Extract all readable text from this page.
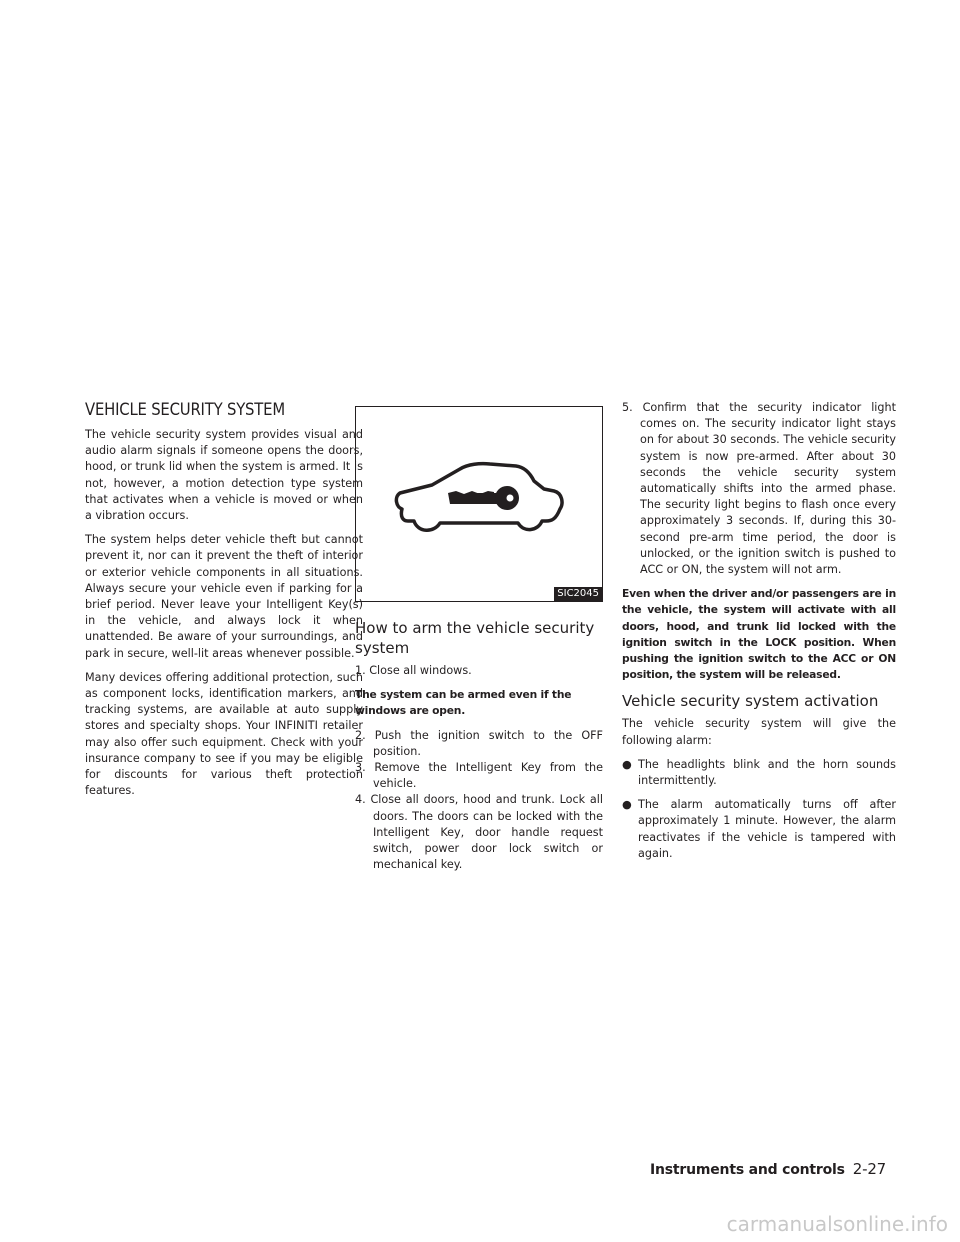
VEHICLE SECURITY SYSTEM

The vehicle security system provides visual and audio alarm signals if someone opens the doors, hood, or trunk lid when the system is armed. It is not, however, a motion detection type system that activates when a vehicle is moved or when a vibration occurs.

The system helps deter vehicle theft but cannot prevent it, nor can it prevent the theft of interior or exterior vehicle components in all situations. Always secure your vehicle even if parking for a brief period. Never leave your Intelligent Key(s) in the vehicle, and always lock it when unattended. Be aware of your surroundings, and park in secure, well-lit areas whenever possible.

Many devices offering additional protection, such as component locks, identification markers, and tracking systems, are available at auto supply stores and specialty shops. Your INFINITI retailer may also offer such equipment. Check with your insurance company to see if you may be eligible for discounts for various theft protection features.

SIC2045
How to arm the vehicle security system
1. Close all windows.

The system can be armed even if the windows are open.

2. Push the ignition switch to the OFF position.
3. Remove the Intelligent Key from the vehicle.
4. Close all doors, hood and trunk. Lock all doors. The doors can be locked with the Intelligent Key, door handle request switch, power door lock switch or mechanical key.
5. Confirm that the security indicator light comes on. The security indicator light stays on for about 30 seconds. The vehicle security system is now pre-armed. After about 30 seconds the vehicle security system automatically shifts into the armed phase. The security light begins to flash once every approximately 3 seconds. If, during this 30-second pre-arm time period, the door is unlocked, or the ignition switch is pushed to ACC or ON, the system will not arm.

Even when the driver and/or passengers are in the vehicle, the system will activate with all doors, hood, and trunk lid locked with the ignition switch in the LOCK position. When pushing the ignition switch to the ACC or ON position, the system will be released.

Vehicle security system activation

The vehicle security system will give the following alarm:

● The headlights blink and the horn sounds intermittently.
● The alarm automatically turns off after approximately 1 minute. However, the alarm reactivates if the vehicle is tampered with again.
Instruments and controls 2-27
carmanualsonline.info
